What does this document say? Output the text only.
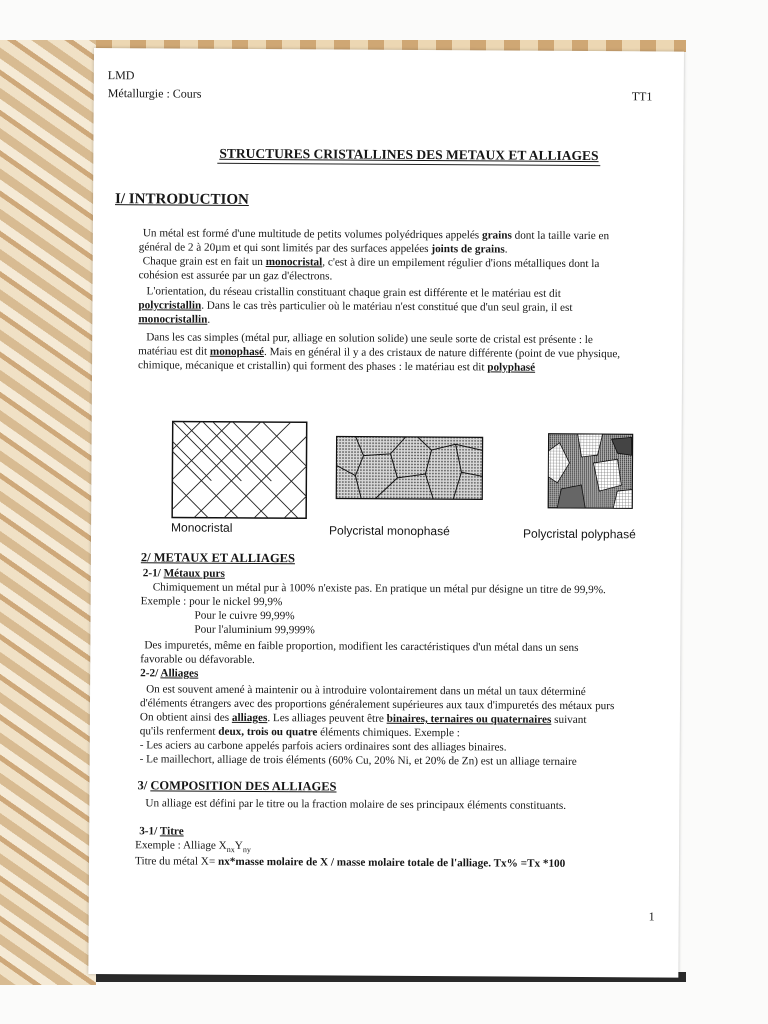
LMD
Métallurgie : Cours	TT1
STRUCTURES CRISTALLINES DES METAUX ET ALLIAGES
I/ INTRODUCTION
Un métal est formé d'une multitude de petits volumes polyédriques appelés grains dont la taille varie en
général de 2 à 20µm et qui sont limités par des surfaces appelées joints de grains.
Chaque grain est en fait un monocristal, c'est à dire un empilement régulier d'ions métalliques dont la
cohésion est assurée par un gaz d'électrons.
L'orientation, du réseau cristallin constituant chaque grain est différente et le matériau est dit
polycristallin. Dans le cas très particulier où le matériau n'est constitué que d'un seul grain, il est
monocristallin.
Dans les cas simples (métal pur, alliage en solution solide) une seule sorte de cristal est présente : le
matériau est dit monophasé. Mais en général il y a des cristaux de nature différente (point de vue physique,
chimique, mécanique et cristallin) qui forment des phases : le matériau est dit polyphasé
Monocristal	Polycristal monophasé	Polycristal polyphasé
2/ METAUX ET ALLIAGES
2-1/ Métaux purs
Chimiquement un métal pur à 100% n'existe pas. En pratique un métal pur désigne un titre de 99,9%.
Exemple : pour le nickel 99,9%
Pour le cuivre 99,99%
Pour l'aluminium 99,999%
Des impuretés, même en faible proportion, modifient les caractéristiques d'un métal dans un sens
favorable ou défavorable.
2-2/ Alliages
On est souvent amené à maintenir ou à introduire volontairement dans un métal un taux déterminé
d'éléments étrangers avec des proportions généralement supérieures aux taux d'impuretés des métaux purs
On obtient ainsi des alliages. Les alliages peuvent être binaires, ternaires ou quaternaires suivant
qu'ils renferment deux, trois ou quatre éléments chimiques. Exemple :
- Les aciers au carbone appelés parfois aciers ordinaires sont des alliages binaires.
- Le maillechort, alliage de trois éléments (60% Cu, 20% Ni, et 20% de Zn) est un alliage ternaire
3/ COMPOSITION DES ALLIAGES
Un alliage est défini par le titre ou la fraction molaire de ses principaux éléments constituants.
3-1/ Titre
Exemple : Alliage $X_{nx}Y_{ny}$
Titre du métal X= nx*masse molaire de X / masse molaire totale de l'alliage. Tx% =Tx *100
1
